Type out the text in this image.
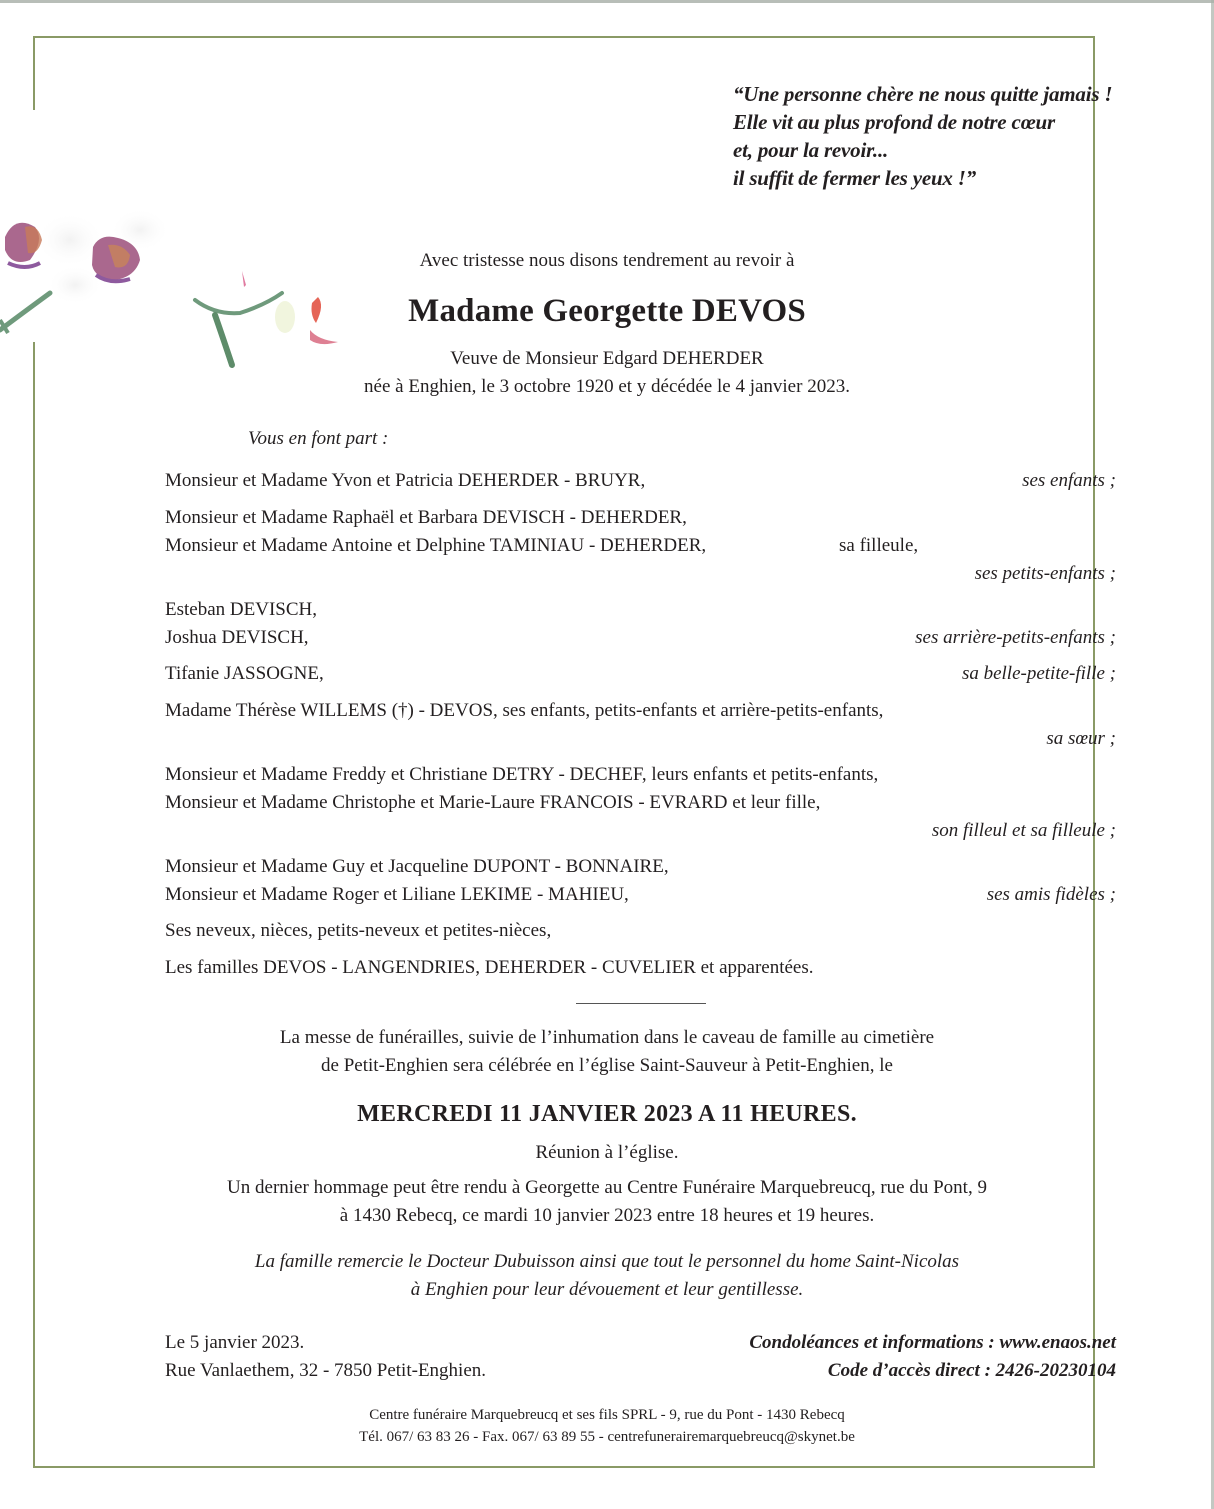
“Une personne chère ne nous quitte jamais !
Elle vit au plus profond de notre cœur
et, pour la revoir...
il suffit de fermer les yeux !”
Avec tristesse nous disons tendrement au revoir à
Madame Georgette DEVOS
Veuve de Monsieur Edgard DEHERDER
née à Enghien, le 3 octobre 1920 et y décédée le 4 janvier 2023.
Vous en font part :
Monsieur et Madame Yvon et Patricia DEHERDER - BRUYR,	ses enfants ;
Monsieur et Madame Raphaël et Barbara DEVISCH - DEHERDER,
Monsieur et Madame Antoine et Delphine TAMINIAU - DEHERDER,	sa filleule,
ses petits-enfants ;
Esteban DEVISCH,
Joshua DEVISCH,	ses arrière-petits-enfants ;
Tifanie JASSOGNE,	sa belle-petite-fille ;
Madame Thérèse WILLEMS (†) - DEVOS, ses enfants, petits-enfants et arrière-petits-enfants,
sa sœur ;
Monsieur et Madame Freddy et Christiane DETRY - DECHEF, leurs enfants et petits-enfants,
Monsieur et Madame Christophe et Marie-Laure FRANCOIS - EVRARD et leur fille,
son filleul et sa filleule ;
Monsieur et Madame Guy et Jacqueline DUPONT - BONNAIRE,
Monsieur et Madame Roger et Liliane LEKIME - MAHIEU,	ses amis fidèles ;
Ses neveux, nièces, petits-neveux et petites-nièces,
Les familles DEVOS - LANGENDRIES, DEHERDER - CUVELIER et apparentées.
La messe de funérailles, suivie de l’inhumation dans le caveau de famille au cimetière
de Petit-Enghien sera célébrée en l’église Saint-Sauveur à Petit-Enghien, le
MERCREDI 11 JANVIER 2023 A 11 HEURES.
Réunion à l’église.
Un dernier hommage peut être rendu à Georgette au Centre Funéraire Marquebreucq, rue du Pont, 9
à 1430 Rebecq, ce mardi 10 janvier 2023 entre 18 heures et 19 heures.
La famille remercie le Docteur Dubuisson ainsi que tout le personnel du home Saint-Nicolas
à Enghien pour leur dévouement et leur gentillesse.
Le 5 janvier 2023.
Rue Vanlaethem, 32 - 7850 Petit-Enghien.
Condoléances et informations : www.enaos.net
Code d’accès direct : 2426-20230104
Centre funéraire Marquebreucq et ses fils SPRL - 9, rue du Pont - 1430 Rebecq
Tél. 067/ 63 83 26 - Fax. 067/ 63 89 55 - centrefunerairemarquebreucq@skynet.be
